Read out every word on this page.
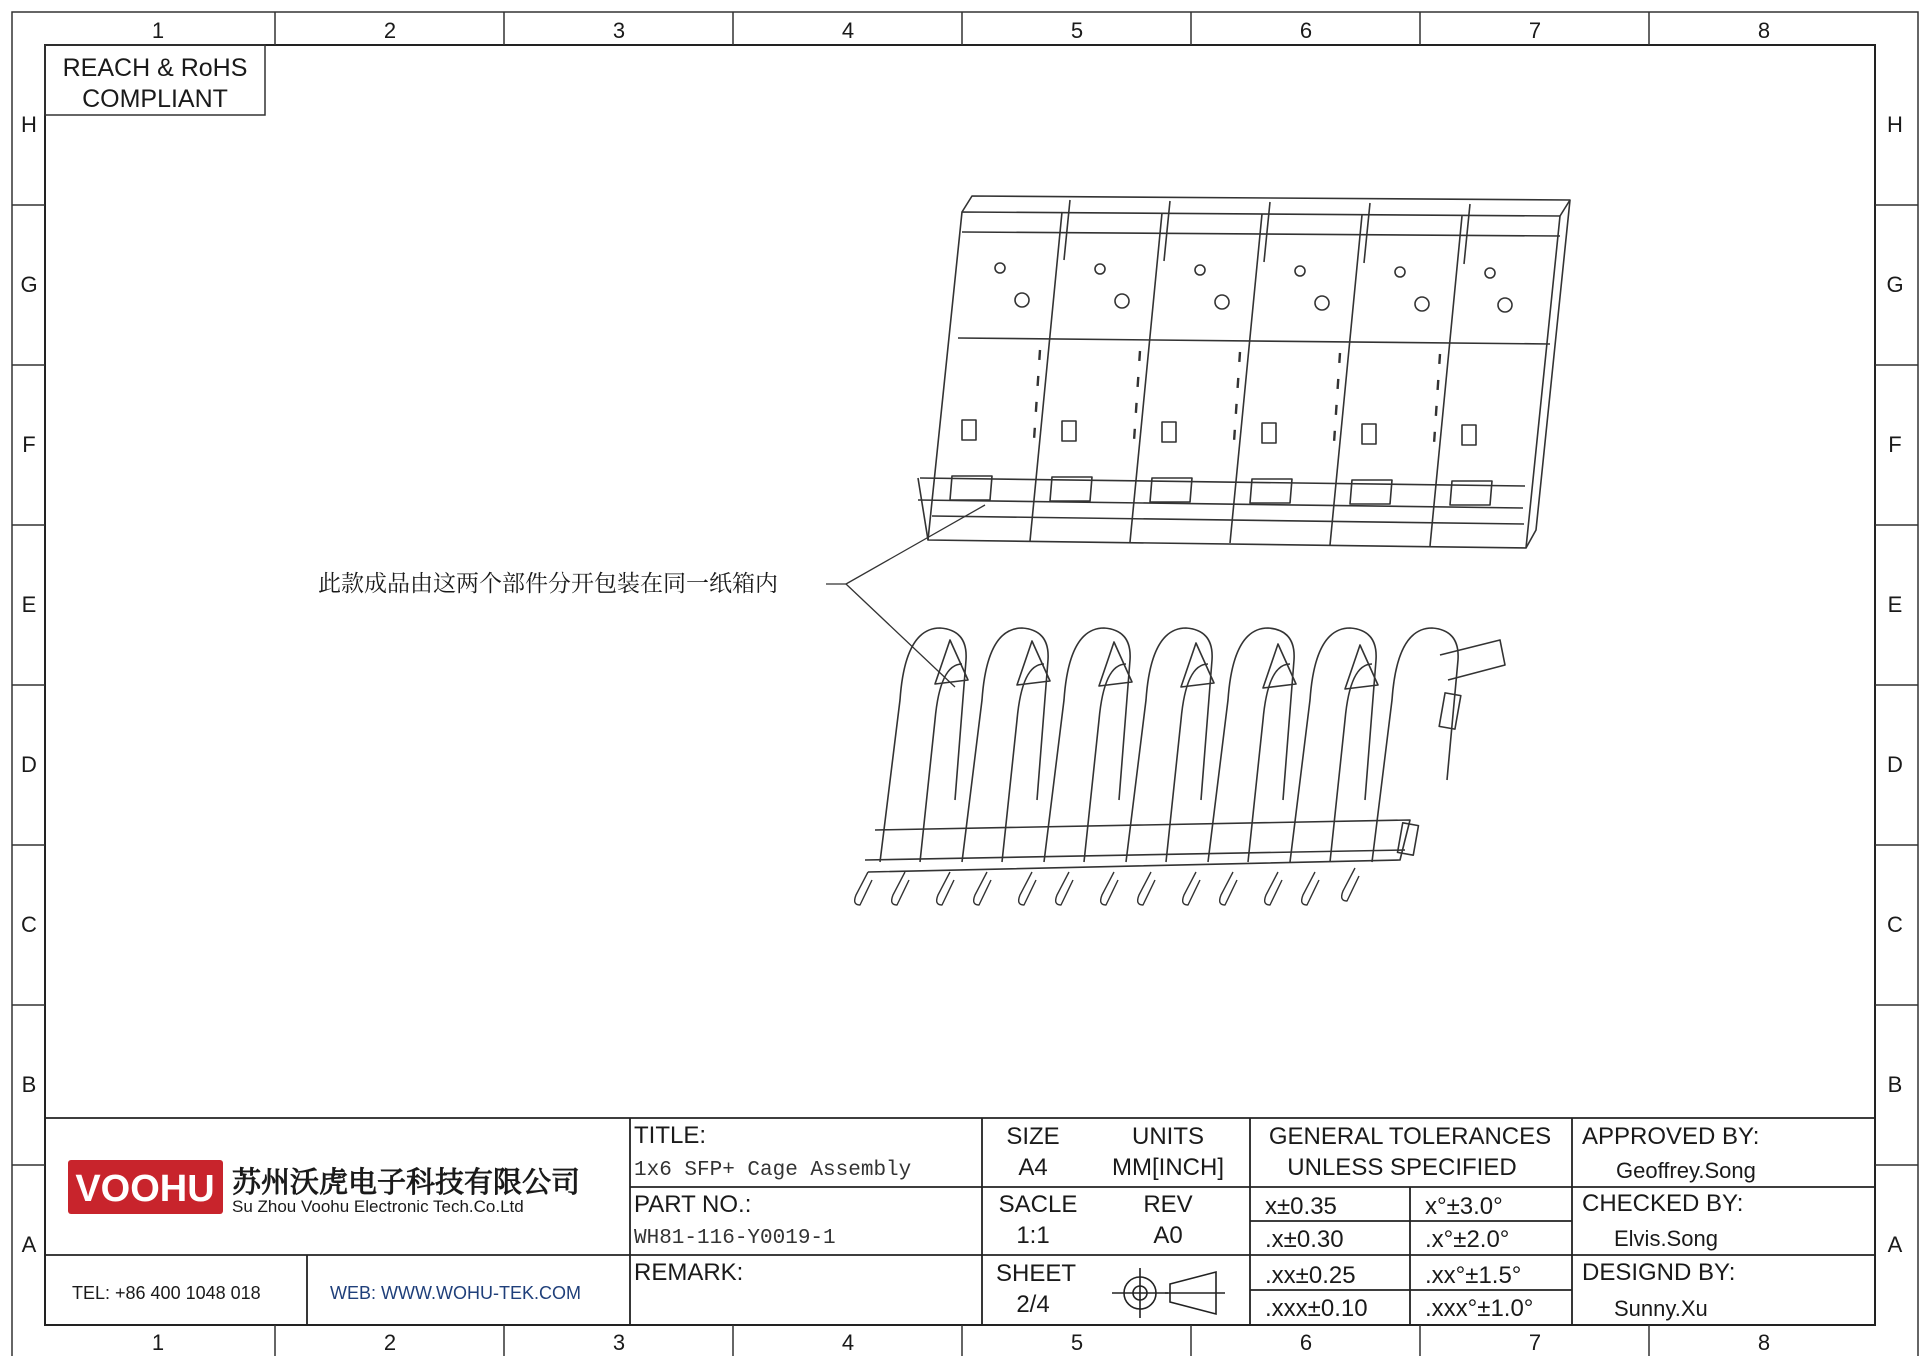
1	2	3	4	5	6	7	8
1	2	3	4	5	6	7	8
H
G
F
E
D
C
B
A
H
G
F
E
D
C
B
A
REACH & RoHS
COMPLIANT
此款成品由这两个部件分开包装在同一纸箱内
VOOHU 苏州沃虎电子科技有限公司
Su Zhou Voohu Electronic Tech.Co.Ltd
TEL: +86 400 1048 018	WEB: WWW.WOHU-TEK.COM
TITLE:
1x6 SFP+ Cage Assembly
PART NO.:
WH81-116-Y0019-1
REMARK:
SIZE
A4
UNITS
MM[INCH]
SACLE
1:1
REV
A0
SHEET
2/4
GENERAL TOLERANCES
UNLESS SPECIFIED
x±0.35	x°±3.0°
.x±0.30	.x°±2.0°
.xx±0.25	.xx°±1.5°
.xxx±0.10 .xxx°±1.0°
APPROVED BY:
Geoffrey.Song
CHECKED BY:
Elvis.Song
DESIGND BY:
Sunny.Xu
